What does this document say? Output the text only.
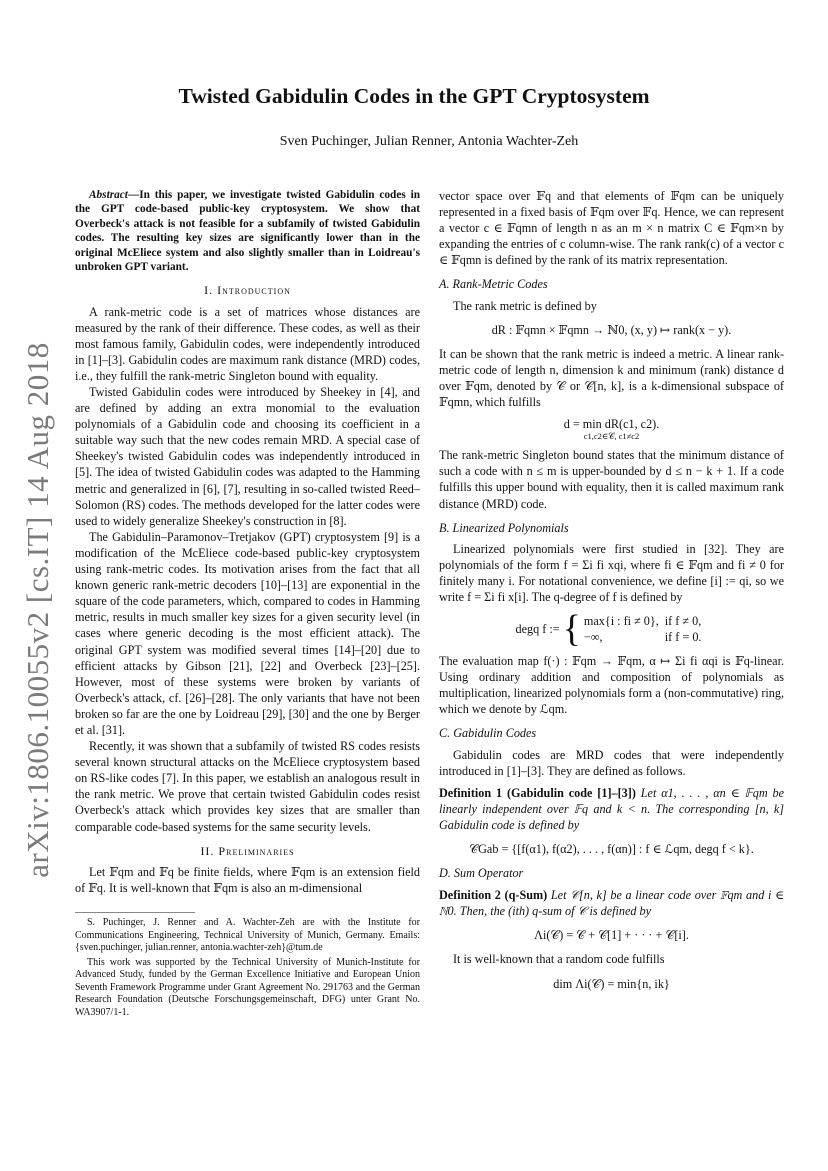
arXiv:1806.10055v2 [cs.IT] 14 Aug 2018
Twisted Gabidulin Codes in the GPT Cryptosystem
Sven Puchinger, Julian Renner, Antonia Wachter-Zeh

Abstract—In this paper, we investigate twisted Gabidulin codes in the GPT code-based public-key cryptosystem. We show that Overbeck's attack is not feasible for a subfamily of twisted Gabidulin codes. The resulting key sizes are significantly lower than in the original McEliece system and also slightly smaller than in Loidreau's unbroken GPT variant.

I. Introduction

A rank-metric code is a set of matrices whose distances are measured by the rank of their difference. These codes, as well as their most famous family, Gabidulin codes, were independently introduced in [1]–[3]. Gabidulin codes are maximum rank distance (MRD) codes, i.e., they fulfill the rank-metric Singleton bound with equality.

Twisted Gabidulin codes were introduced by Sheekey in [4], and are defined by adding an extra monomial to the evaluation polynomials of a Gabidulin code and choosing its coefficient in a suitable way such that the new codes remain MRD. A special case of Sheekey's twisted Gabidulin codes was independently introduced in [5]. The idea of twisted Gabidulin codes was adapted to the Hamming metric and generalized in [6], [7], resulting in so-called twisted Reed–Solomon (RS) codes. The methods developed for the latter codes were used to widely generalize Sheekey's construction in [8].

The Gabidulin–Paramonov–Tretjakov (GPT) cryptosystem [9] is a modification of the McEliece code-based public-key cryptosystem using rank-metric codes. Its motivation arises from the fact that all known generic rank-metric decoders [10]–[13] are exponential in the square of the code parameters, which, compared to codes in Hamming metric, results in much smaller key sizes for a given security level (in cases where generic decoding is the most efficient attack). The original GPT system was modified several times [14]–[20] due to efficient attacks by Gibson [21], [22] and Overbeck [23]–[25]. However, most of these systems were broken by variants of Overbeck's attack, cf. [26]–[28]. The only variants that have not been broken so far are the one by Loidreau [29], [30] and the one by Berger et al. [31].

Recently, it was shown that a subfamily of twisted RS codes resists several known structural attacks on the McEliece cryptosystem based on RS-like codes [7]. In this paper, we establish an analogous result in the rank metric. We prove that certain twisted Gabidulin codes resist Overbeck's attack which provides key sizes that are smaller than comparable code-based systems for the same security levels.

II. Preliminaries

Let 𝔽qm and 𝔽q be finite fields, where 𝔽qm is an extension field of 𝔽q. It is well-known that 𝔽qm is also an m-dimensional

S. Puchinger, J. Renner and A. Wachter-Zeh are with the Institute for Communications Engineering, Technical University of Munich, Germany. Emails: {sven.puchinger, julian.renner, antonia.wachter-zeh}@tum.de

This work was supported by the Technical University of Munich-Institute for Advanced Study, funded by the German Excellence Initiative and European Union Seventh Framework Programme under Grant Agreement No. 291763 and the German Research Foundation (Deutsche Forschungsgemeinschaft, DFG) unter Grant No. WA3907/1-1.

vector space over 𝔽q and that elements of 𝔽qm can be uniquely represented in a fixed basis of 𝔽qm over 𝔽q. Hence, we can represent a vector c ∈ 𝔽qmn of length n as an m × n matrix C ∈ 𝔽qm×n by expanding the entries of c column-wise. The rank rank(c) of a vector c ∈ 𝔽qmn is defined by the rank of its matrix representation.

A. Rank-Metric Codes

The rank metric is defined by

dR : 𝔽qmn × 𝔽qmn → ℕ0, (x, y) ↦ rank(x − y).

It can be shown that the rank metric is indeed a metric. A linear rank-metric code of length n, dimension k and minimum (rank) distance d over 𝔽qm, denoted by 𝒞 or 𝒞[n, k], is a k-dimensional subspace of 𝔽qmn, which fulfills

d = min dR(c1, c2).
c1,c2∈𝒞, c1≠c2

The rank-metric Singleton bound states that the minimum distance of such a code with n ≤ m is upper-bounded by d ≤ n − k + 1. If a code fulfills this upper bound with equality, then it is called maximum rank distance (MRD) code.

B. Linearized Polynomials

Linearized polynomials were first studied in [32]. They are polynomials of the form f = Σi fi xqi, where fi ∈ 𝔽qm and fi ≠ 0 for finitely many i. For notational convenience, we define [i] := qi, so we write f = Σi fi x[i]. The q-degree of f is defined by

degq f := { max{i : fi ≠ 0},	if f ≠ 0,
−∞,	if f = 0.

The evaluation map f(·) : 𝔽qm → 𝔽qm, α ↦ Σi fi αqi is 𝔽q-linear. Using ordinary addition and composition of polynomials as multiplication, linearized polynomials form a (non-commutative) ring, which we denote by ℒqm.

C. Gabidulin Codes

Gabidulin codes are MRD codes that were independently introduced in [1]–[3]. They are defined as follows.

Definition 1 (Gabidulin code [1]–[3]) Let α1, . . . , αn ∈ 𝔽qm be linearly independent over 𝔽q and k < n. The corresponding [n, k] Gabidulin code is defined by

𝒞Gab = {[f(α1), f(α2), . . . , f(αn)] : f ∈ ℒqm, degq f < k}.
D. Sum Operator

Definition 2 (q-Sum) Let 𝒞[n, k] be a linear code over 𝔽qm and i ∈ ℕ0. Then, the (ith) q-sum of 𝒞 is defined by

Λi(𝒞) = 𝒞 + 𝒞[1] + · · · + 𝒞[i].

It is well-known that a random code fulfills

dim Λi(𝒞) = min{n, ik}
